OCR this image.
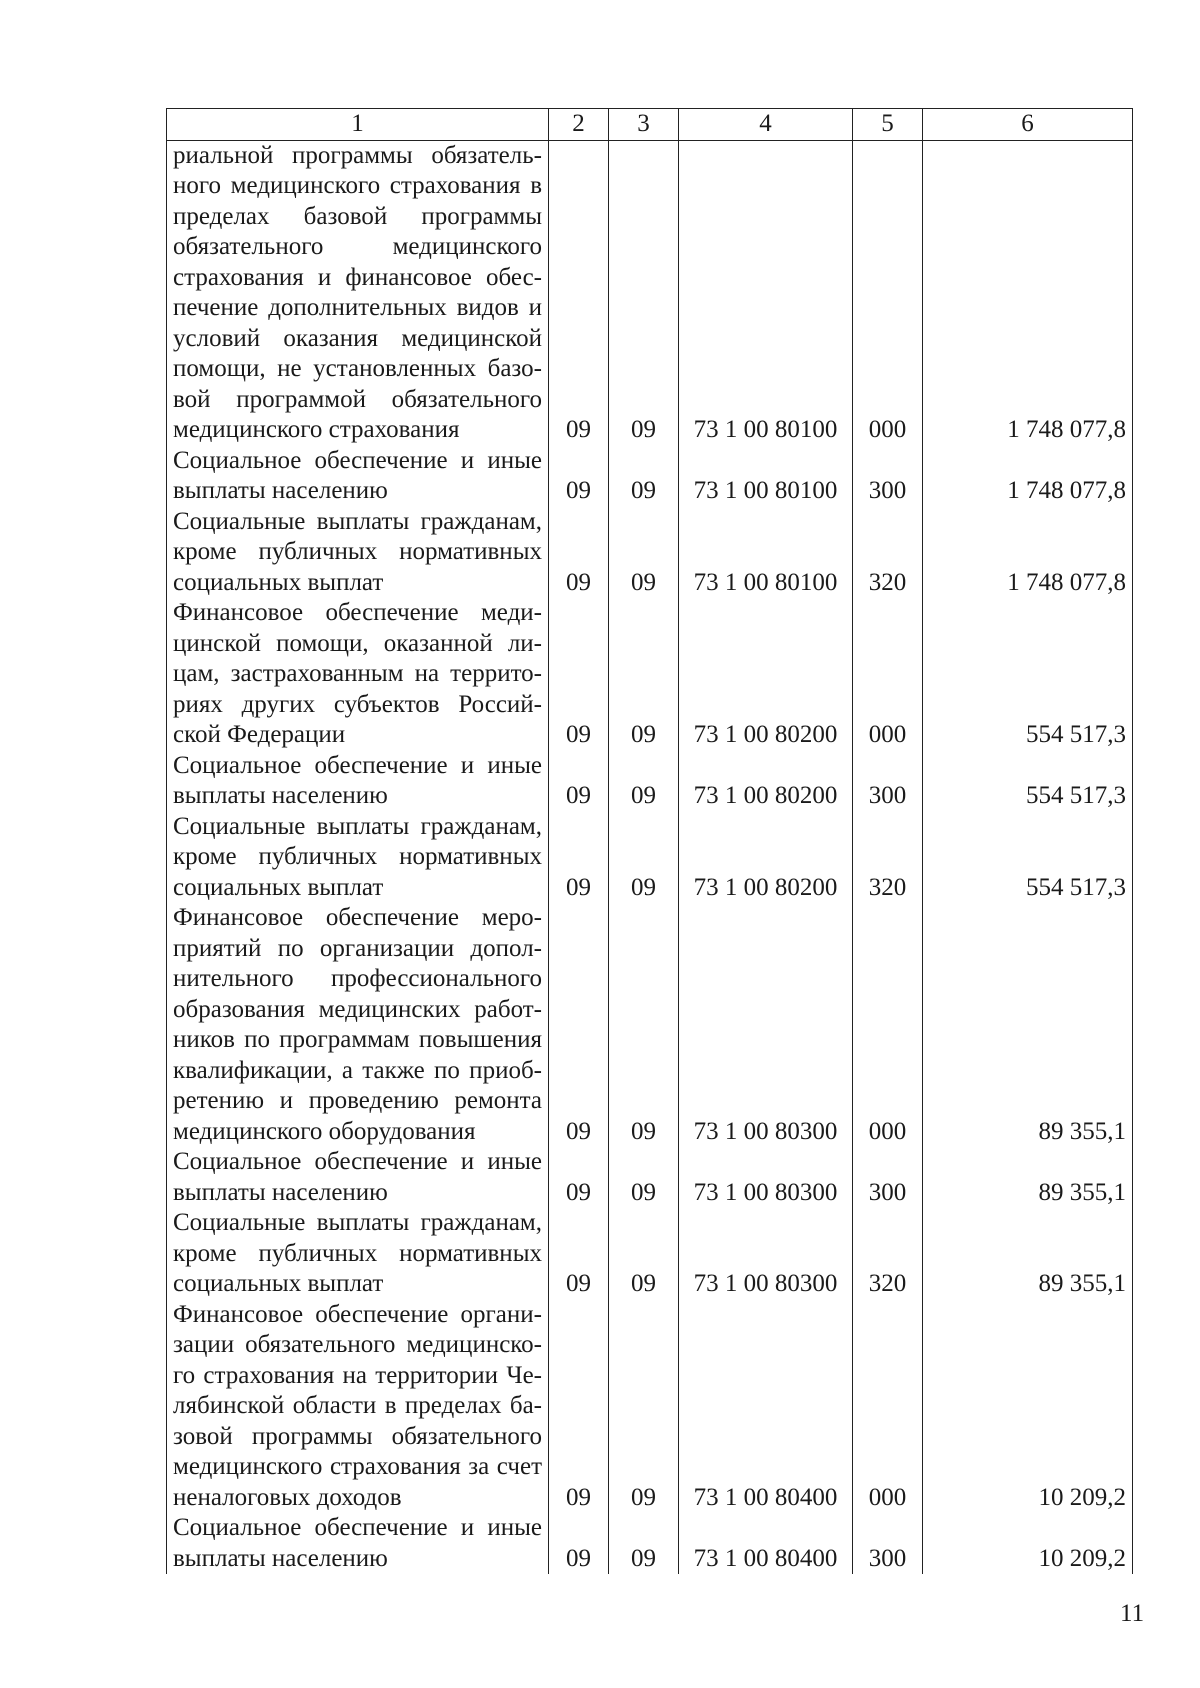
1	2	3	4	5	6
риальной программы обязательного медицинского страхования в пределах базовой программы обязательного медицинского страхования и финансовое обеспечение дополнительных видов и условий оказания медицинской помощи, не установленных базовой программой обязательного медицинского страхования	09	09	73 1 00 80100	000	1 748 077,8
Социальное обеспечение и иные выплаты населению	09	09	73 1 00 80100	300	1 748 077,8
Социальные выплаты гражданам, кроме публичных нормативных социальных выплат	09	09	73 1 00 80100	320	1 748 077,8
Финансовое обеспечение медицинской помощи, оказанной лицам, застрахованным на территориях других субъектов Российской Федерации	09	09	73 1 00 80200	000	554 517,3
Социальное обеспечение и иные выплаты населению	09	09	73 1 00 80200	300	554 517,3
Социальные выплаты гражданам, кроме публичных нормативных социальных выплат	09	09	73 1 00 80200	320	554 517,3
Финансовое обеспечение мероприятий по организации дополнительного профессионального образования медицинских работников по программам повышения квалификации, а также по приобретению и проведению ремонта медицинского оборудования	09	09	73 1 00 80300	000	89 355,1
Социальное обеспечение и иные выплаты населению	09	09	73 1 00 80300	300	89 355,1
Социальные выплаты гражданам, кроме публичных нормативных социальных выплат	09	09	73 1 00 80300	320	89 355,1
Финансовое обеспечение организации обязательного медицинского страхования на территории Челябинской области в пределах базовой программы обязательного медицинского страхования за счет неналоговых доходов	09	09	73 1 00 80400	000	10 209,2
Социальное обеспечение и иные выплаты населению	09	09	73 1 00 80400	300	10 209,2
11
